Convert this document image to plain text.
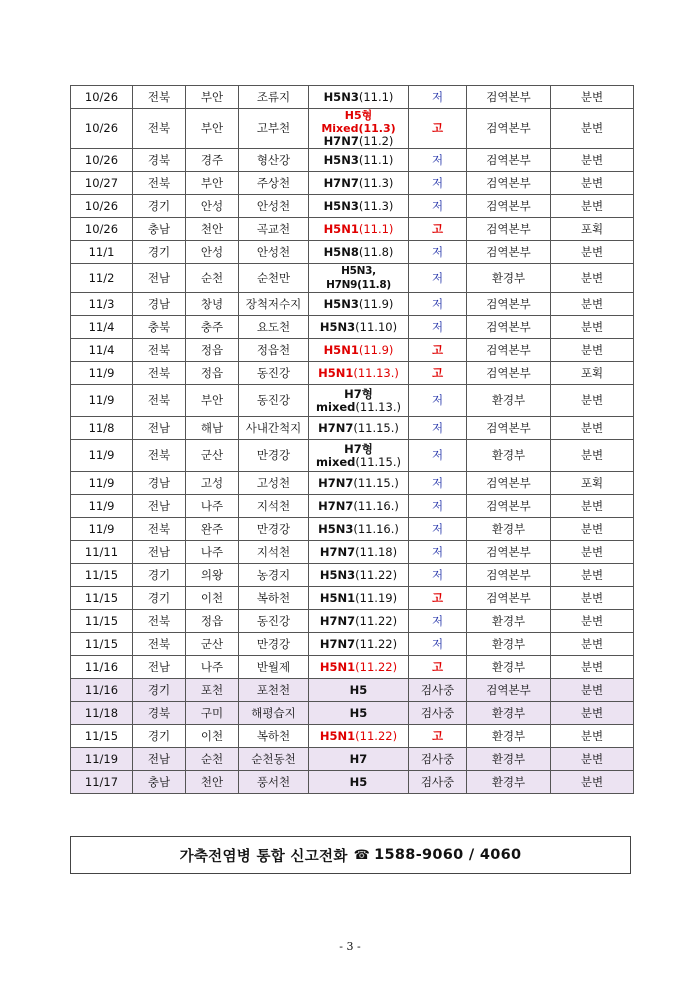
10/26	전북	부안	조류지	H5N3(11.1)	저	검역본부	분변
10/26	전북	부안	고부천	H5형 Mixed(11.3)
H7N7(11.2)	고	검역본부	분변
10/26	경북	경주	형산강	H5N3(11.1)	저	검역본부	분변
10/27	전북	부안	주상천	H7N7(11.3)	저	검역본부	분변
10/26	경기	안성	안성천	H5N3(11.3)	저	검역본부	분변
10/26	충남	천안	곡교천	H5N1(11.1)	고	검역본부	포획
11/1	경기	안성	안성천	H5N8(11.8)	저	검역본부	분변
11/2	전남	순천	순천만	H5N3, H7N9(11.8)	저	환경부	분변
11/3	경남	창녕	장척저수지	H5N3(11.9)	저	검역본부	분변
11/4	충북	충주	요도천	H5N3(11.10)	저	검역본부	분변
11/4	전북	정읍	정읍천	H5N1(11.9)	고	검역본부	분변
11/9	전북	정읍	동진강	H5N1(11.13.)	고	검역본부	포획
11/9	전북	부안	동진강	H7형
mixed(11.13.)	저	환경부	분변
11/8	전남	해남	사내간척지	H7N7(11.15.)	저	검역본부	분변
11/9	전북	군산	만경강	H7형
mixed(11.15.)	저	환경부	분변
11/9	경남	고성	고성천	H7N7(11.15.)	저	검역본부	포획
11/9	전남	나주	지석천	H7N7(11.16.)	저	검역본부	분변
11/9	전북	완주	만경강	H5N3(11.16.)	저	환경부	분변
11/11	전남	나주	지석천	H7N7(11.18)	저	검역본부	분변
11/15	경기	의왕	농경지	H5N3(11.22)	저	검역본부	분변
11/15	경기	이천	복하천	H5N1(11.19)	고	검역본부	분변
11/15	전북	정읍	동진강	H7N7(11.22)	저	환경부	분변
11/15	전북	군산	만경강	H7N7(11.22)	저	환경부	분변
11/16	전남	나주	반월제	H5N1(11.22)	고	환경부	분변
11/16	경기	포천	포천천	H5	검사중	검역본부	분변
11/18	경북	구미	해평습지	H5	검사중	환경부	분변
11/15	경기	이천	복하천	H5N1(11.22)	고	환경부	분변
11/19	전남	순천	순천동천	H7	검사중	환경부	분변
11/17	충남	천안	풍서천	H5	검사중	환경부	분변
가축전염병 통합 신고전화 ☎ 1588-9060 / 4060
- 3 -
